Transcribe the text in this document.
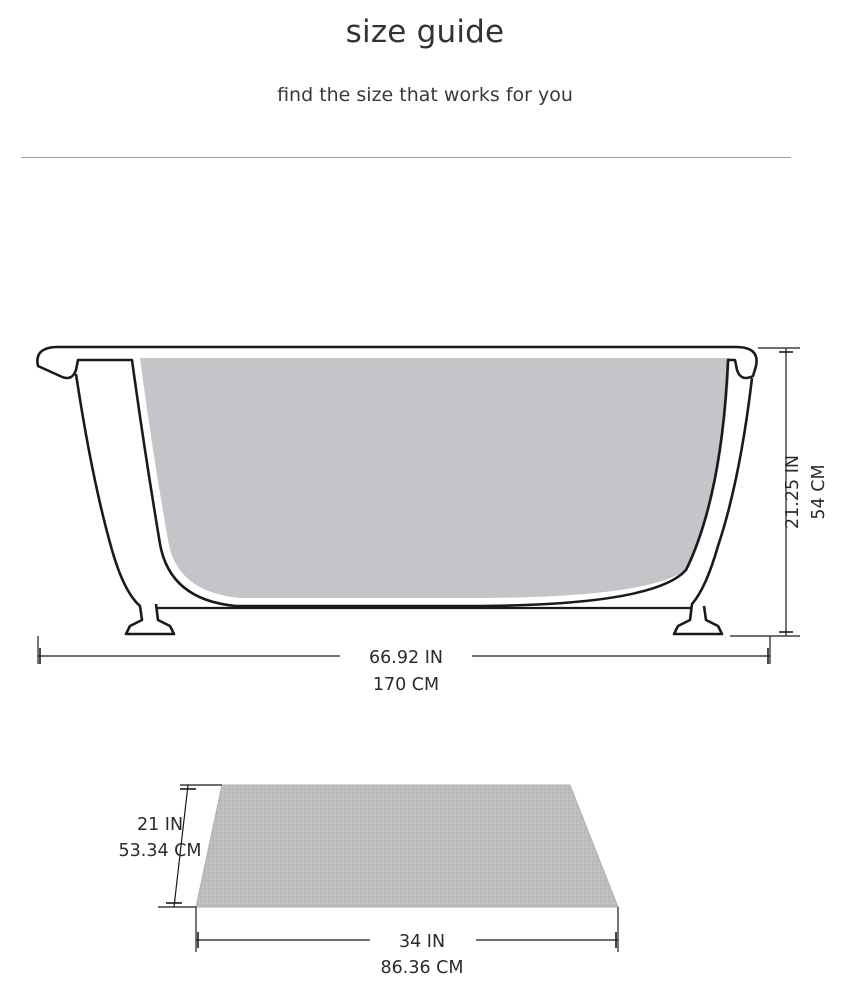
size guide
find the size that works for you
21.25 IN 54 CM
66.92 IN
170 CM
21 IN
53.34 CM
34 IN
86.36 CM
